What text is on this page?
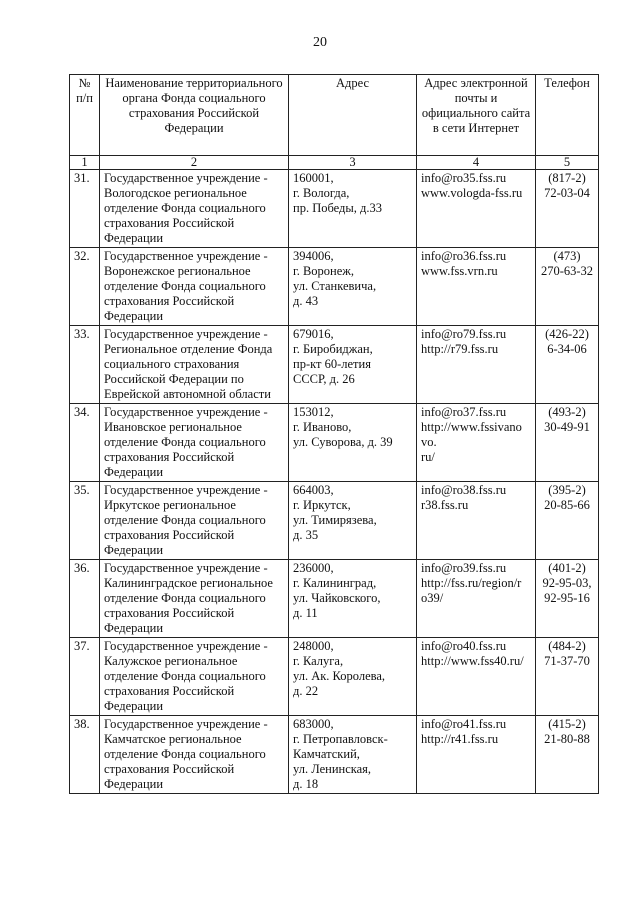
20
№ п/п	Наименование территориального органа Фонда социального страхования Российской Федерации	Адрес	Адрес электронной почты и официального сайта в сети Интернет	Телефон
1	2	3	4	5
31.	Государственное учреждение - Вологодское региональное отделение Фонда социального страхования Российской Федерации	160001,
г. Вологда,
пр. Победы, д.33	info@ro35.fss.ru
www.vologda-fss.ru	(817-2)
72-03-04

32.	Государственное учреждение - Воронежское региональное отделение Фонда социального страхования Российской Федерации	394006,
г. Воронеж,
ул. Станкевича,
д. 43	info@ro36.fss.ru
www.fss.vrn.ru	(473)
270-63-32

33.	Государственное учреждение - Региональное отделение Фонда социального страхования Российской Федерации по Еврейской автономной области	679016,
г. Биробиджан,
пр-кт 60-летия
СССР, д. 26	info@ro79.fss.ru
http://r79.fss.ru	(426-22)
6-34-06

34.	Государственное учреждение - Ивановское региональное отделение Фонда социального страхования Российской Федерации	153012,
г. Иваново,
ул. Суворова, д. 39	info@ro37.fss.ru
http://www.fssivano
vo.
ru/	(493-2)
30-49-91

35.	Государственное учреждение - Иркутское региональное отделение Фонда социального страхования Российской Федерации	664003,
г. Иркутск,
ул. Тимирязева,
д. 35	info@ro38.fss.ru
r38.fss.ru	(395-2)
20-85-66

36.	Государственное учреждение - Калининградское региональное отделение Фонда социального страхования Российской Федерации	236000,
г. Калининград,
ул. Чайковского,
д. 11	info@ro39.fss.ru
http://fss.ru/region/r
o39/	(401-2)
92-95-03,
92-95-16

37.	Государственное учреждение - Калужское региональное отделение Фонда социального страхования Российской Федерации	248000,
г. Калуга,
ул. Ак. Королева,
д. 22	info@ro40.fss.ru
http://www.fss40.ru/	(484-2)
71-37-70

38.	Государственное учреждение - Камчатское региональное отделение Фонда социального страхования Российской Федерации	683000,
г. Петропавловск-
Камчатский,
ул. Ленинская,
д. 18	info@ro41.fss.ru
http://r41.fss.ru	(415-2)
21-80-88
